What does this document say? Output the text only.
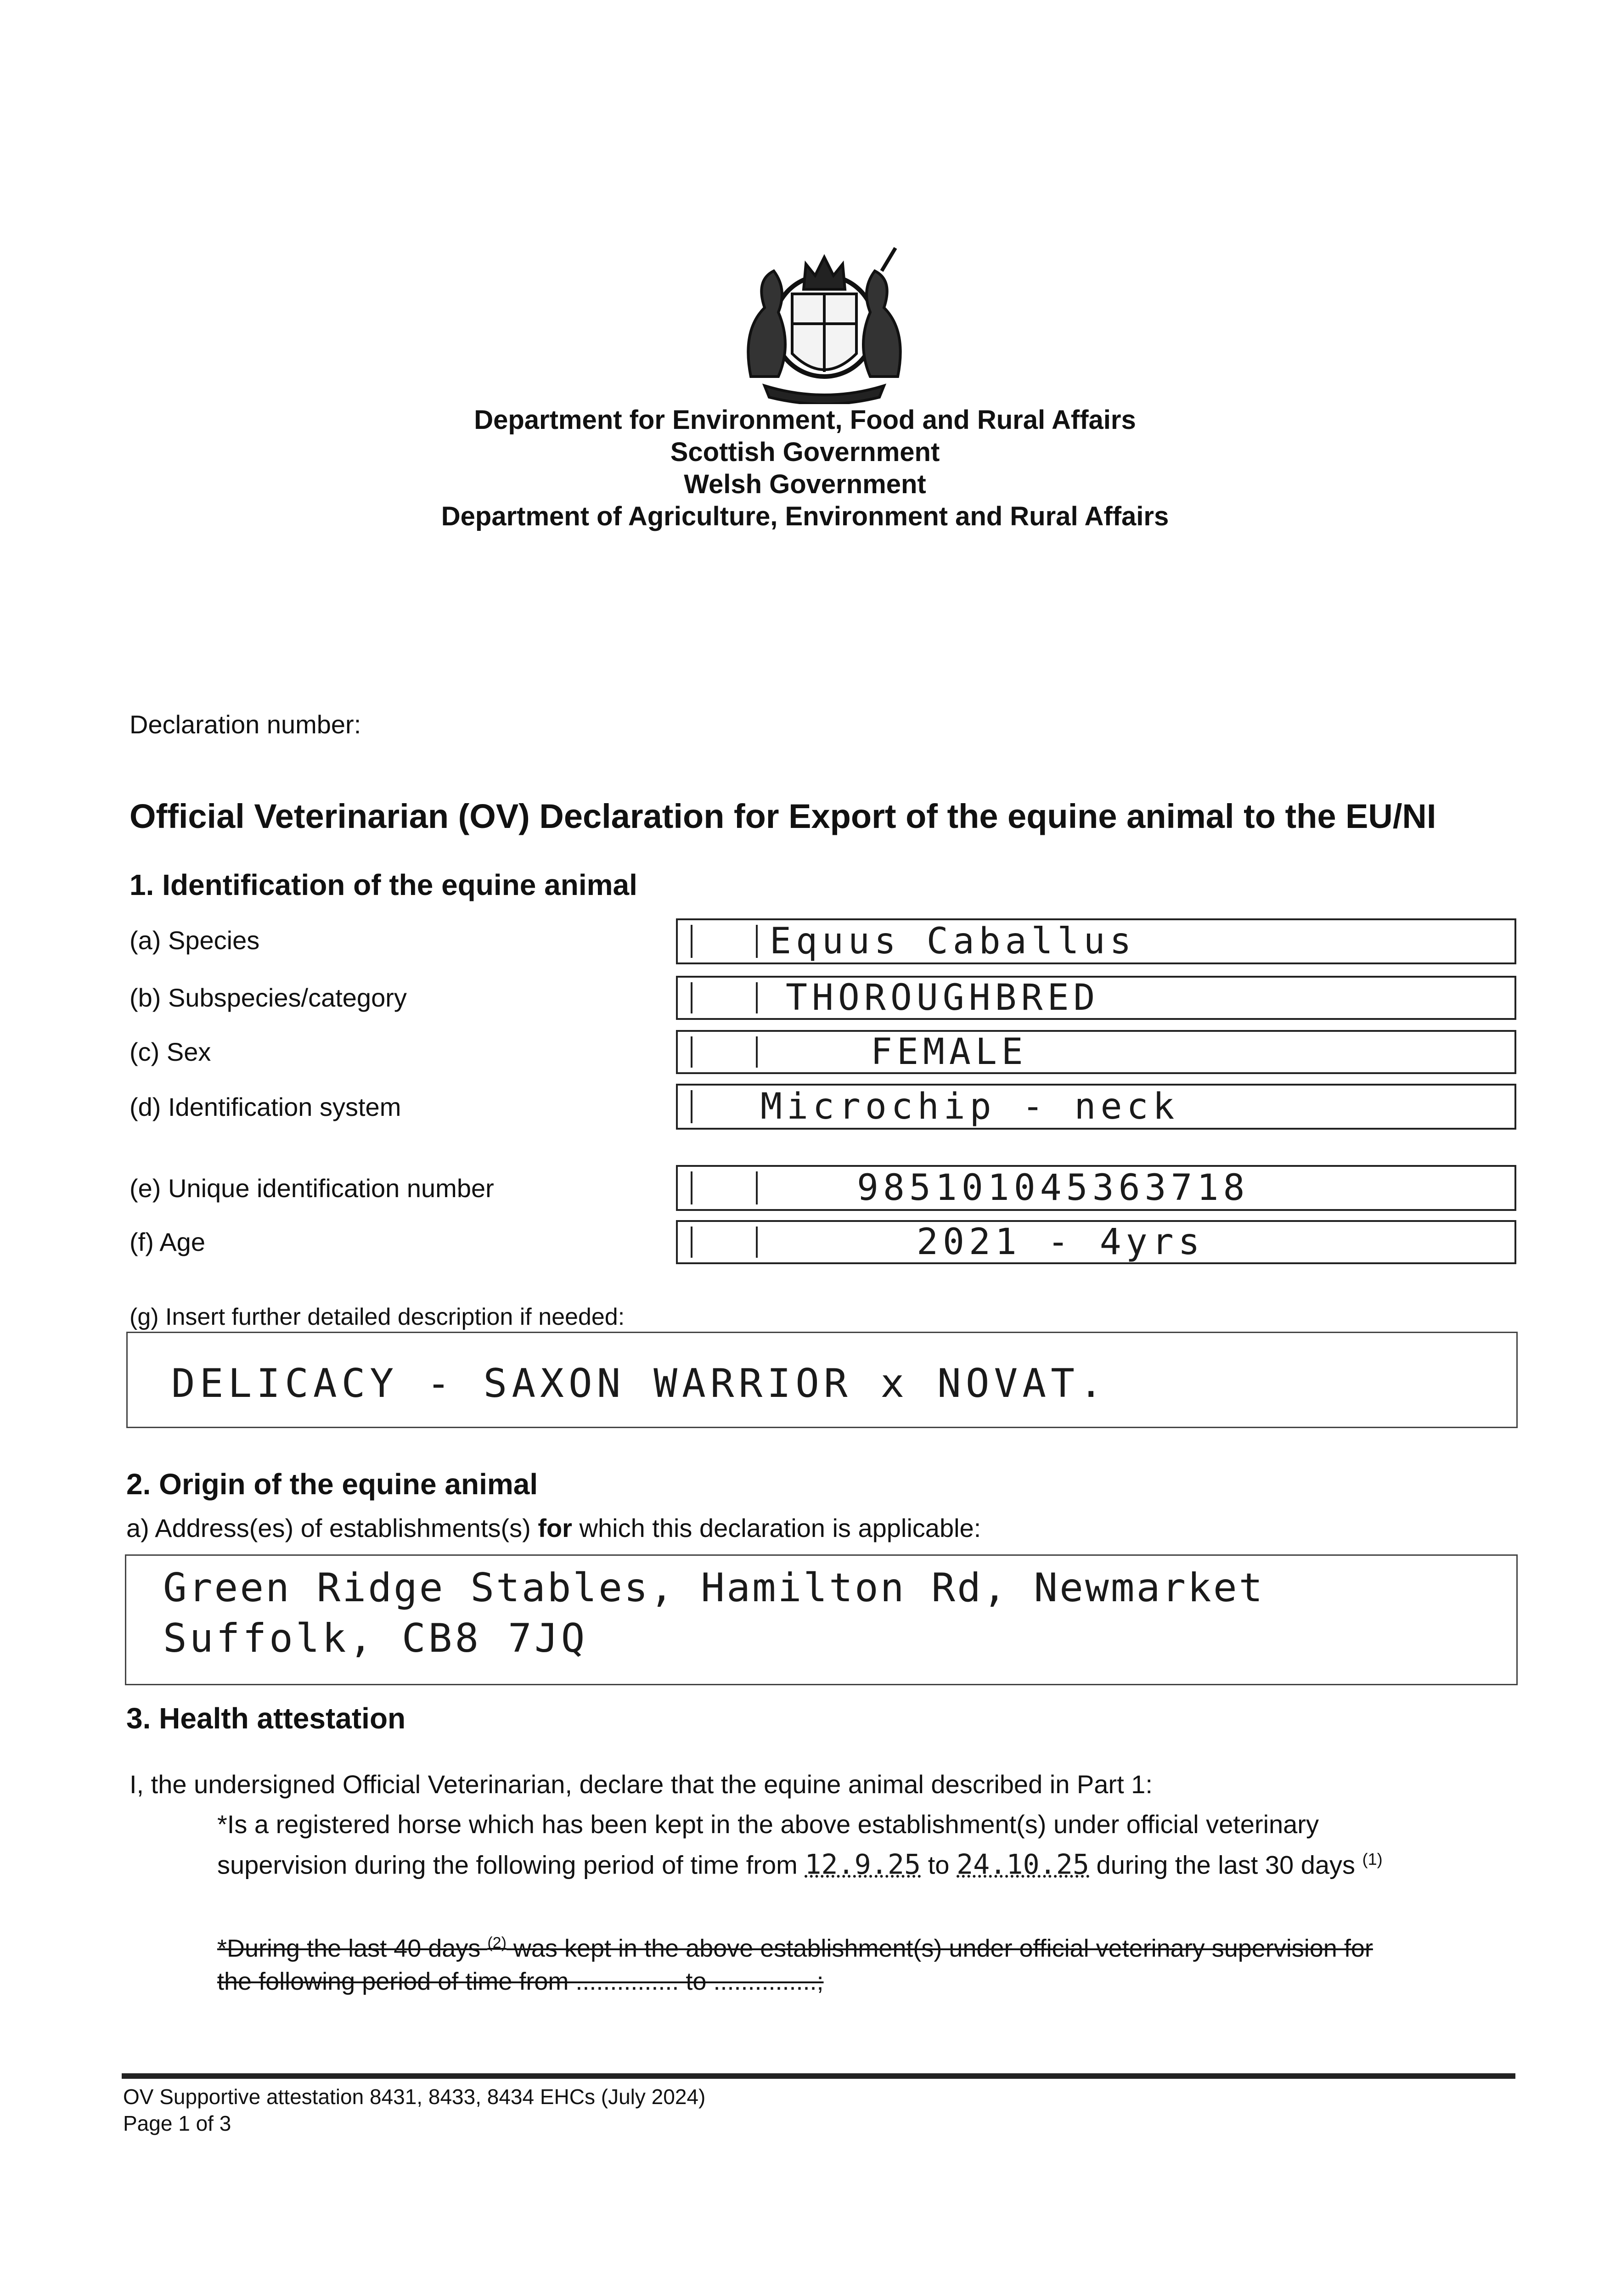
Department for Environment, Food and Rural Affairs
Scottish Government
Welsh Government
Department of Agriculture, Environment and Rural Affairs
Declaration number:
Official Veterinarian (OV) Declaration for Export of the equine animal to the EU/NI
1. Identification of the equine animal
(a) Species	Equus Caballus
(b) Subspecies/category	THOROUGHBRED
(c) Sex	FEMALE
(d) Identification system	Microchip - neck
(e) Unique identification number	985101045363718
(f) Age	2021 - 4yrs
(g) Insert further detailed description if needed:
DELICACY - SAXON WARRIOR x NOVAT.
2. Origin of the equine animal
a) Address(es) of establishments(s) for which this declaration is applicable:
Green Ridge Stables, Hamilton Rd, Newmarket
Suffolk, CB8 7JQ
3. Health attestation
I, the undersigned Official Veterinarian, declare that the equine animal described in Part 1:
*Is a registered horse which has been kept in the above establishment(s) under official veterinary
supervision during the following period of time from 12.9.25 to 24.10.25 during the last 30 days $^{(1)}$
*During the last 40 days $^{(2)}$ was kept in the above establishment(s) under official veterinary supervision for
the following period of time from ............... to ...............;
OV Supportive attestation 8431, 8433, 8434 EHCs (July 2024)
Page 1 of 3
